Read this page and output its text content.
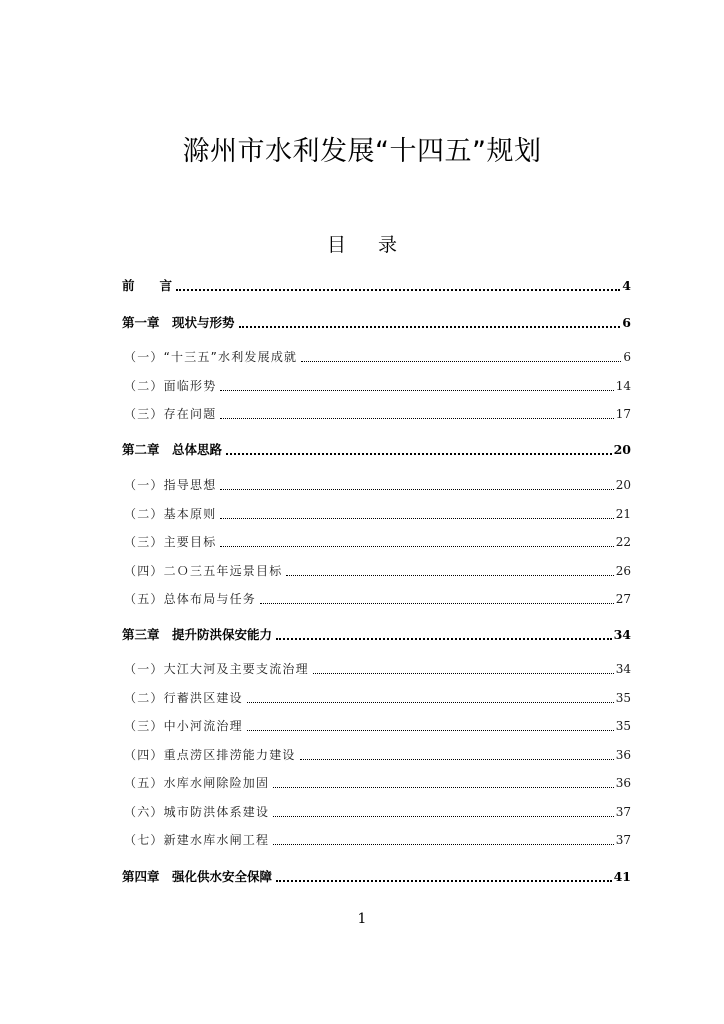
滁州市水利发展“十四五”规划
目 录
前　　言	4
第一章　现状与形势	6
（一）“十三五”水利发展成就	6
（二）面临形势	14
（三）存在问题	17
第二章　总体思路	20
（一）指导思想	20
（二）基本原则	21
（三）主要目标	22
（四）二Ｏ三五年远景目标	26
（五）总体布局与任务	27
第三章　提升防洪保安能力	34
（一）大江大河及主要支流治理	34
（二）行蓄洪区建设	35
（三）中小河流治理	35
（四）重点涝区排涝能力建设	36
（五）水库水闸除险加固	36
（六）城市防洪体系建设	37
（七）新建水库水闸工程	37
第四章　强化供水安全保障	41
1
